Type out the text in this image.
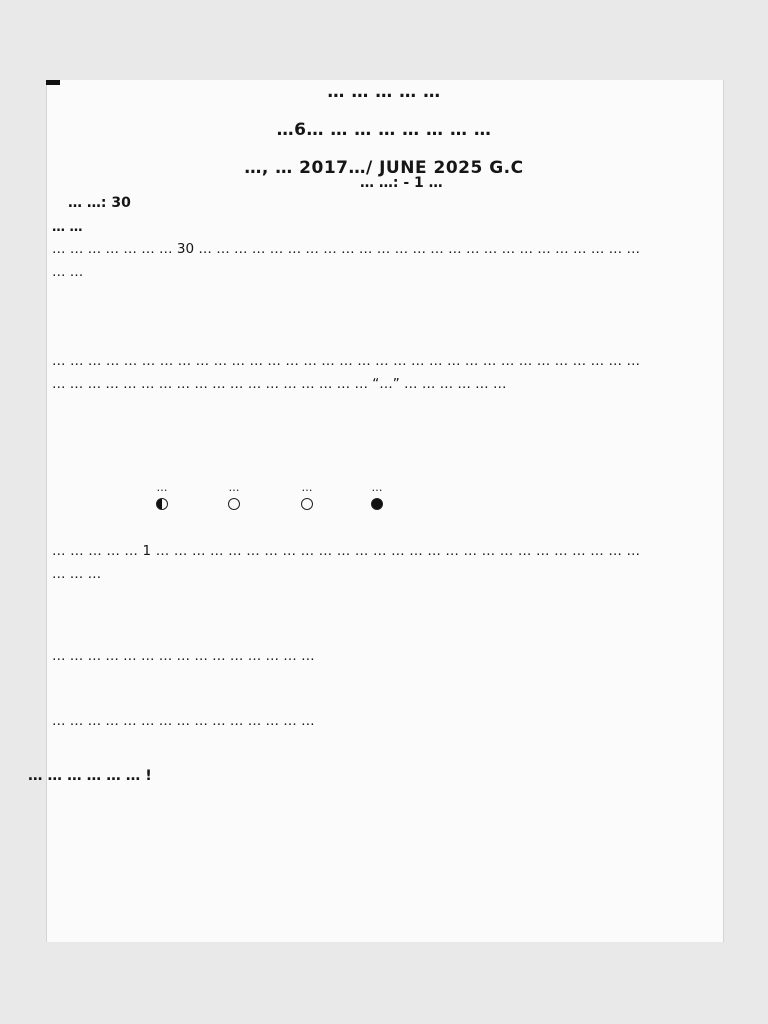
… … … … …
…6… … … … … … … …
…, … 2017…/ JUNE 2025 G.C
… …: - 1 …
… …: 30
… …
… … … … … … … 30 … … … … … … … … … … … … … … … … … … … … … … … … … … …
… … … … … … … … … … … … … … … … … … … … … … … … … … … … … … … … … … … … … … … … … … … … … … … … … … … “…” … … … … … …
…	…	…	…
… … … … … 1 … … … … … … … … … … … … … … … … … … … … … … … … … … … … … …
… … … … … … … … … … … … … … …
… … … … … … … … … … … … … … …
… … … … … … !
